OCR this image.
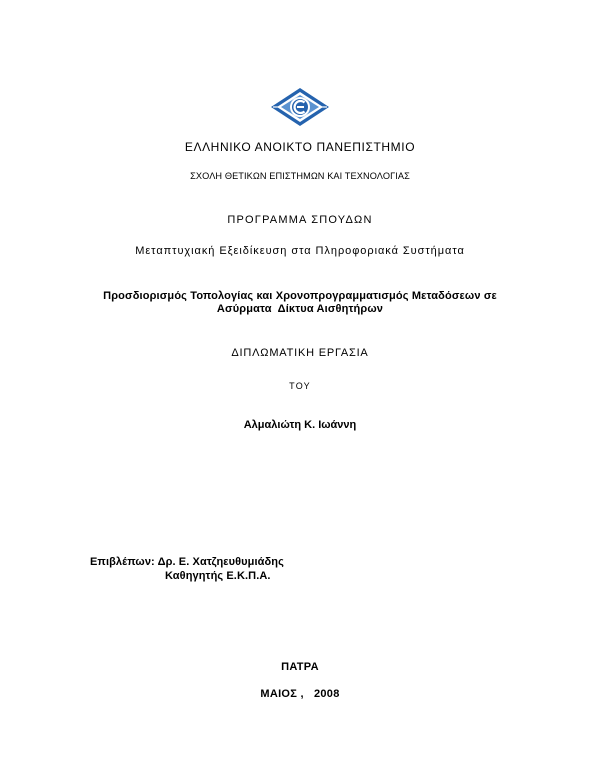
ΕΛΛΗΝΙΚΟ ΑΝΟΙΚΤΟ ΠΑΝΕΠΙΣΤΗΜΙΟ
ΣΧΟΛΗ ΘΕΤΙΚΩΝ ΕΠΙΣΤΗΜΩΝ ΚΑΙ ΤΕΧΝΟΛΟΓΙΑΣ
ΠΡΟΓΡΑΜΜΑ ΣΠΟΥΔΩΝ
Μεταπτυχιακή Εξειδίκευση στα Πληροφοριακά Συστήματα
Προσδιορισμός Τοπολογίας και Χρονοπρογραμματισμός Μεταδόσεων σε
Ασύρματα  Δίκτυα Αισθητήρων
ΔΙΠΛΩΜΑΤΙΚΗ ΕΡΓΑΣΙΑ
ΤΟΥ
Αλμαλιώτη Κ. Ιωάννη
Επιβλέπων: Δρ. Ε. Χατζηευθυμιάδης
Καθηγητής Ε.Κ.Π.Α.
ΠΑΤΡΑ
ΜΑΙΟΣ ,   2008
